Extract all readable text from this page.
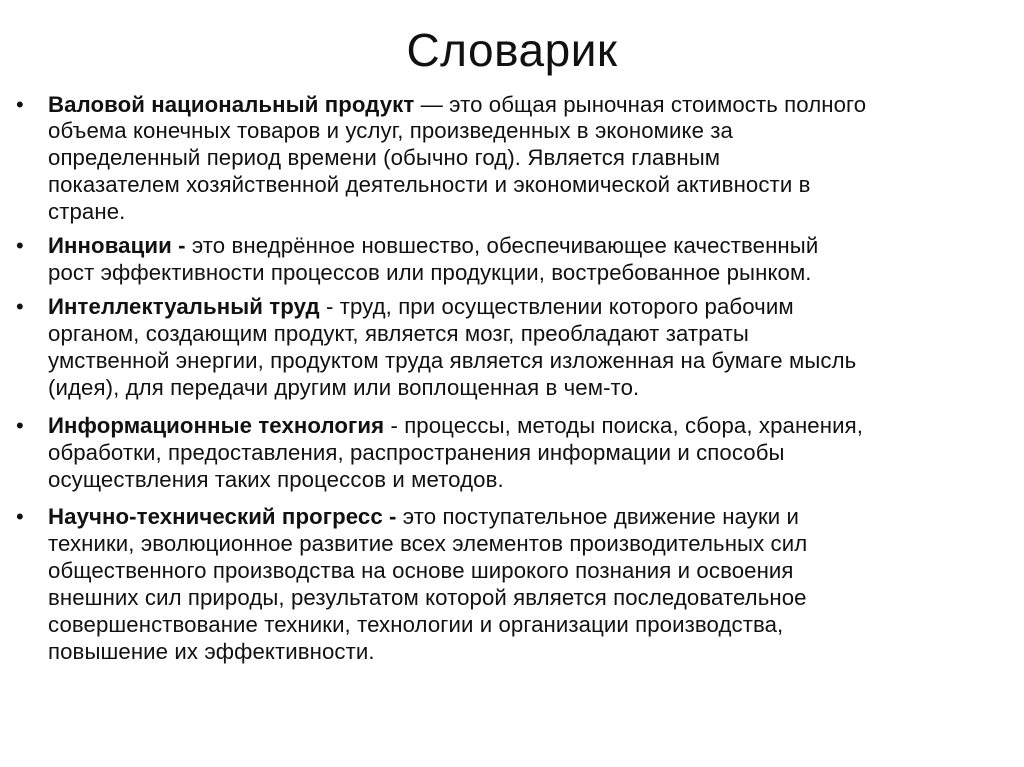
Словарик
• Валовой национальный продукт — это общая рыночная стоимость полного
объема конечных товаров и услуг, произведенных в экономике за
определенный период времени (обычно год). Является главным
показателем хозяйственной деятельности и экономической активности в
стране.
• Инновации - это внедрённое новшество, обеспечивающее качественный
рост эффективности процессов или продукции, востребованное рынком.
• Интеллектуальный труд - труд, при осуществлении которого рабочим
органом, создающим продукт, является мозг, преобладают затраты
умственной энергии, продуктом труда является изложенная на бумаге мысль
(идея), для передачи другим или воплощенная в чем-то.
• Информационные технология - процессы, методы поиска, сбора, хранения,
обработки, предоставления, распространения информации и способы
осуществления таких процессов и методов.
• Научно-технический прогресс - это поступательное движение науки и
техники, эволюционное развитие всех элементов производительных сил
общественного производства на основе широкого познания и освоения
внешних сил природы, результатом которой является последовательное
совершенствование техники, технологии и организации производства,
повышение их эффективности.
